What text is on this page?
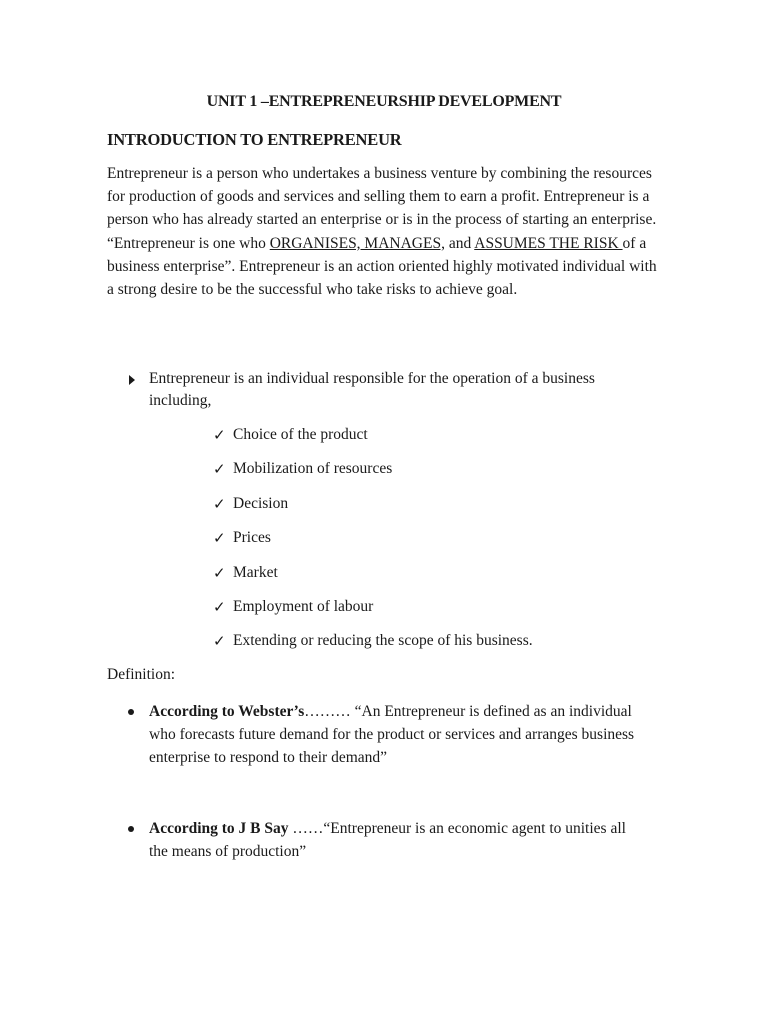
UNIT 1 –ENTREPRENEURSHIP DEVELOPMENT
INTRODUCTION TO ENTREPRENEUR

Entrepreneur is a person who undertakes a business venture by combining the resources for production of goods and services and selling them to earn a profit. Entrepreneur is a person who has already started an enterprise or is in the process of starting an enterprise. “Entrepreneur is one who ORGANISES, MANAGES, and ASSUMES THE RISK of a business enterprise”. Entrepreneur is an action oriented highly motivated individual with a strong desire to be the successful who take risks to achieve goal.

Entrepreneur is an individual responsible for the operation of a business including,
✓ Choice of the product
✓ Mobilization of resources
✓ Decision
✓ Prices
✓ Market
✓ Employment of labour
✓ Extending or reducing the scope of his business.
Definition:
According to Webster’s……… “An Entrepreneur is defined as an individual who forecasts future demand for the product or services and arranges business enterprise to respond to their demand”
According to J B Say ……“Entrepreneur is an economic agent to unities all the means of production”
